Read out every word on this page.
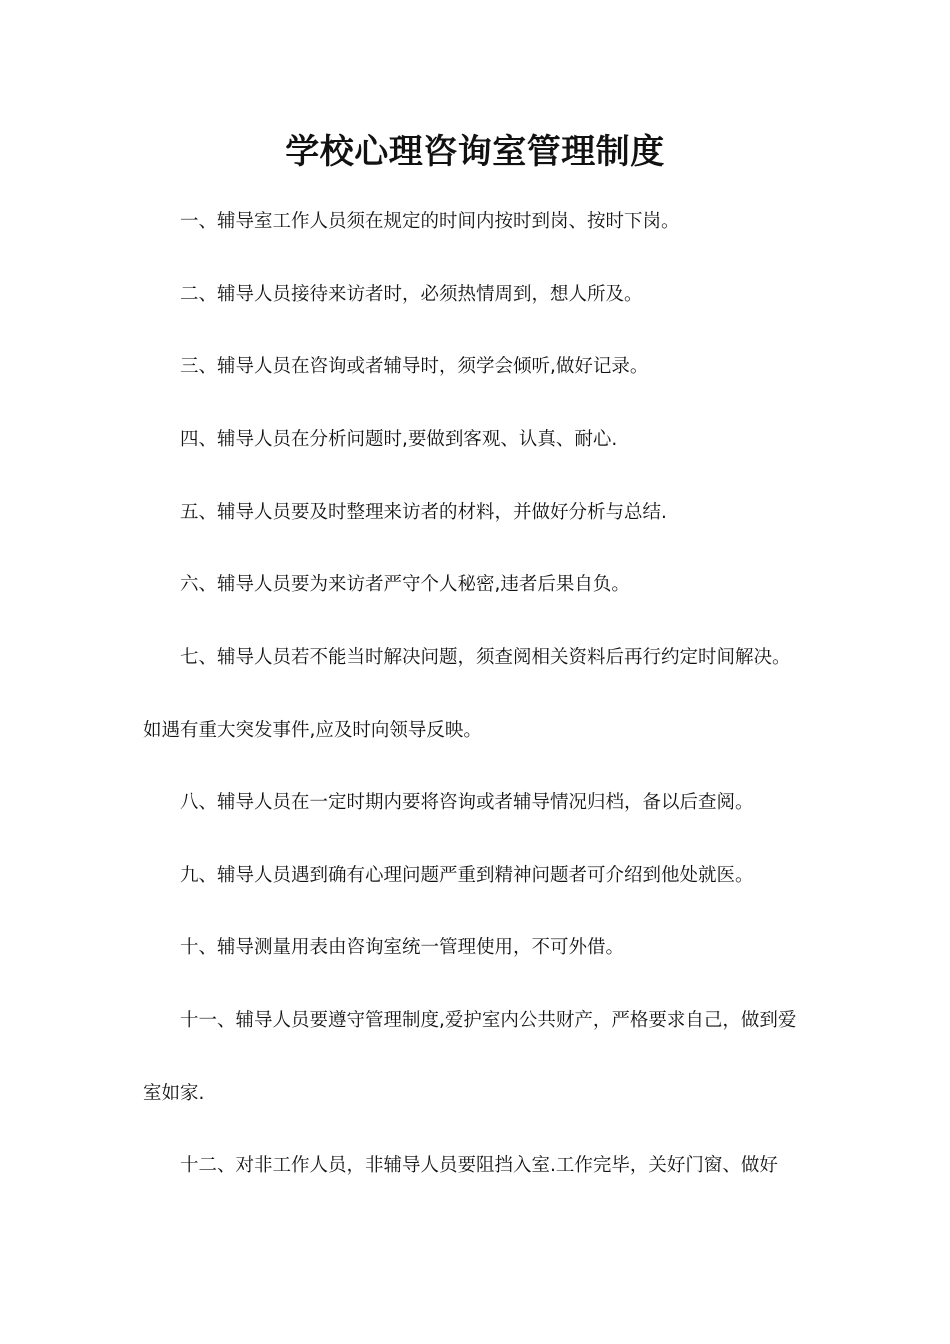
学校心理咨询室管理制度

一、辅导室工作人员须在规定的时间内按时到岗、按时下岗。

二、辅导人员接待来访者时，必须热情周到，想人所及。

三、辅导人员在咨询或者辅导时，须学会倾听,做好记录。

四、辅导人员在分析问题时,要做到客观、认真、耐心.

五、辅导人员要及时整理来访者的材料，并做好分析与总结.

六、辅导人员要为来访者严守个人秘密,违者后果自负。

七、辅导人员若不能当时解决问题，须查阅相关资料后再行约定时间解决。如遇有重大突发事件,应及时向领导反映。

八、辅导人员在一定时期内要将咨询或者辅导情况归档，备以后查阅。

九、辅导人员遇到确有心理问题严重到精神问题者可介绍到他处就医。

十、辅导测量用表由咨询室统一管理使用，不可外借。

十一、辅导人员要遵守管理制度,爱护室内公共财产，严格要求自己，做到爱室如家.

十二、对非工作人员，非辅导人员要阻挡入室.工作完毕，关好门窗、做好
